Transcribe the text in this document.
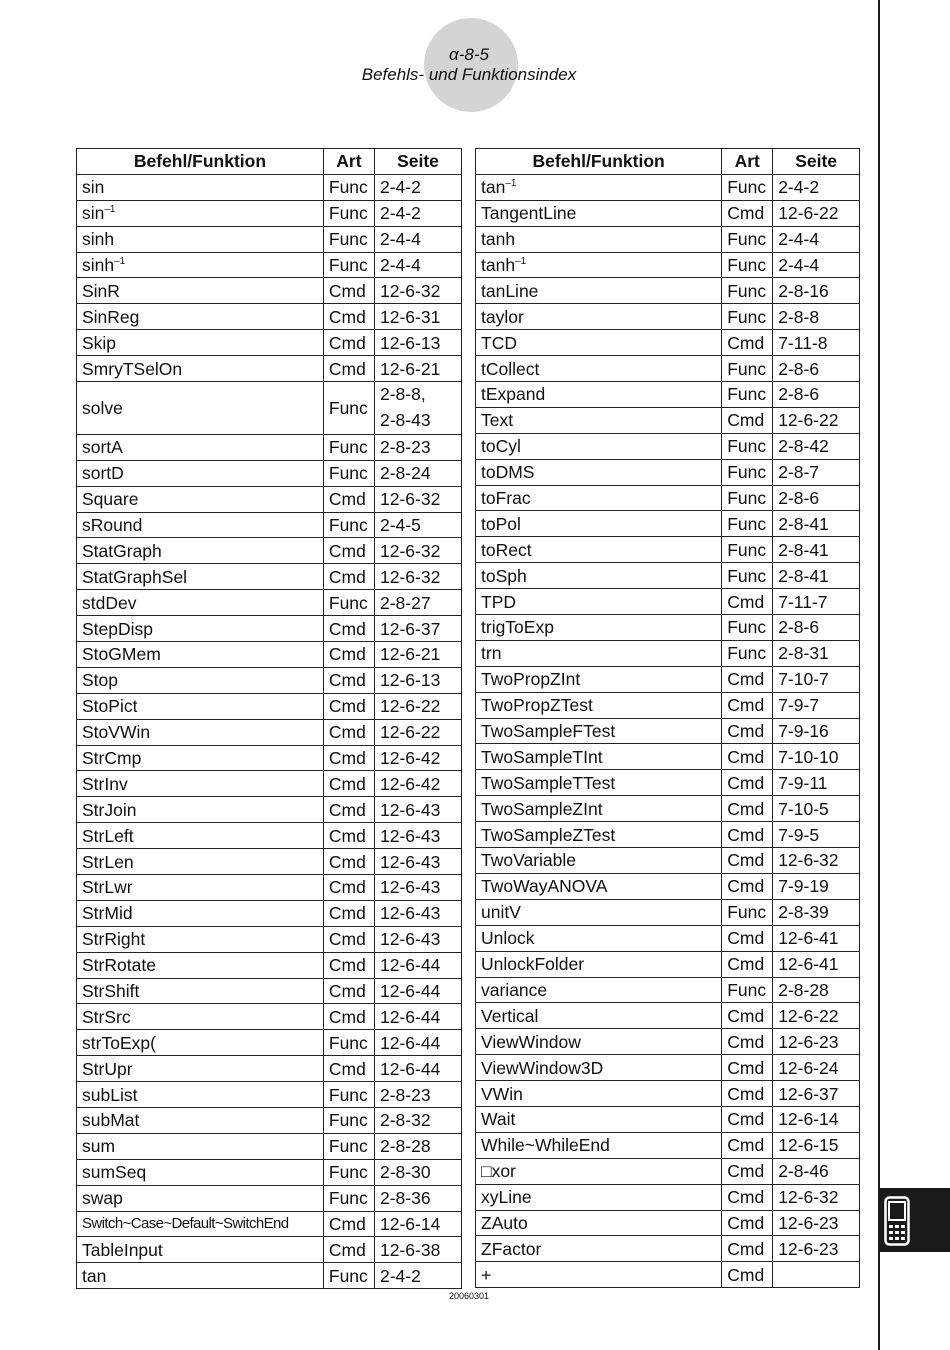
α-8-5
Befehls- und Funktionsindex
Befehl/Funktion	Art	Seite
sin	Func	2-4-2
$\sin^{-1}$	Func	2-4-2
sinh	Func	2-4-4
$\sinh^{-1}$	Func	2-4-4
SinR	Cmd	12-6-32
SinReg	Cmd	12-6-31
Skip	Cmd	12-6-13
SmryTSelOn	Cmd	12-6-21
solve	Func	2-8-8,
2-8-43

sortA	Func	2-8-23
sortD	Func	2-8-24
Square	Cmd	12-6-32
sRound	Func	2-4-5
StatGraph	Cmd	12-6-32
StatGraphSel	Cmd	12-6-32
stdDev	Func	2-8-27
StepDisp	Cmd	12-6-37
StoGMem	Cmd	12-6-21
Stop	Cmd	12-6-13
StoPict	Cmd	12-6-22
StoVWin	Cmd	12-6-22
StrCmp	Cmd	12-6-42
StrInv	Cmd	12-6-42
StrJoin	Cmd	12-6-43
StrLeft	Cmd	12-6-43
StrLen	Cmd	12-6-43
StrLwr	Cmd	12-6-43
StrMid	Cmd	12-6-43
StrRight	Cmd	12-6-43
StrRotate	Cmd	12-6-44
StrShift	Cmd	12-6-44
StrSrc	Cmd	12-6-44
strToExp(	Func	12-6-44
StrUpr	Cmd	12-6-44
subList	Func	2-8-23
subMat	Func	2-8-32
sum	Func	2-8-28
sumSeq	Func	2-8-30
swap	Func	2-8-36
Switch~Case~Default~SwitchEnd	Cmd	12-6-14
TableInput	Cmd	12-6-38
tan	Func	2-4-2
Befehl/Funktion	Art	Seite
$\tan^{-1}$	Func	2-4-2
TangentLine	Cmd	12-6-22
tanh	Func	2-4-4
$\tanh^{-1}$	Func	2-4-4
tanLine	Func	2-8-16
taylor	Func	2-8-8
TCD	Cmd	7-11-8
tCollect	Func	2-8-6
tExpand	Func	2-8-6
Text	Cmd	12-6-22
toCyl	Func	2-8-42
toDMS	Func	2-8-7
toFrac	Func	2-8-6
toPol	Func	2-8-41
toRect	Func	2-8-41
toSph	Func	2-8-41
TPD	Cmd	7-11-7
trigToExp	Func	2-8-6
trn	Func	2-8-31
TwoPropZInt	Cmd	7-10-7
TwoPropZTest	Cmd	7-9-7
TwoSampleFTest	Cmd	7-9-16
TwoSampleTInt	Cmd	7-10-10
TwoSampleTTest	Cmd	7-9-11
TwoSampleZInt	Cmd	7-10-5
TwoSampleZTest	Cmd	7-9-5
TwoVariable	Cmd	12-6-32
TwoWayANOVA	Cmd	7-9-19
unitV	Func	2-8-39
Unlock	Cmd	12-6-41
UnlockFolder	Cmd	12-6-41
variance	Func	2-8-28
Vertical	Cmd	12-6-22
ViewWindow	Cmd	12-6-23
ViewWindow3D	Cmd	12-6-24
VWin	Cmd	12-6-37
Wait	Cmd	12-6-14
While~WhileEnd	Cmd	12-6-15
□xor	Cmd	2-8-46
xyLine	Cmd	12-6-32
ZAuto	Cmd	12-6-23
ZFactor	Cmd	12-6-23
+	Cmd	
20060301
